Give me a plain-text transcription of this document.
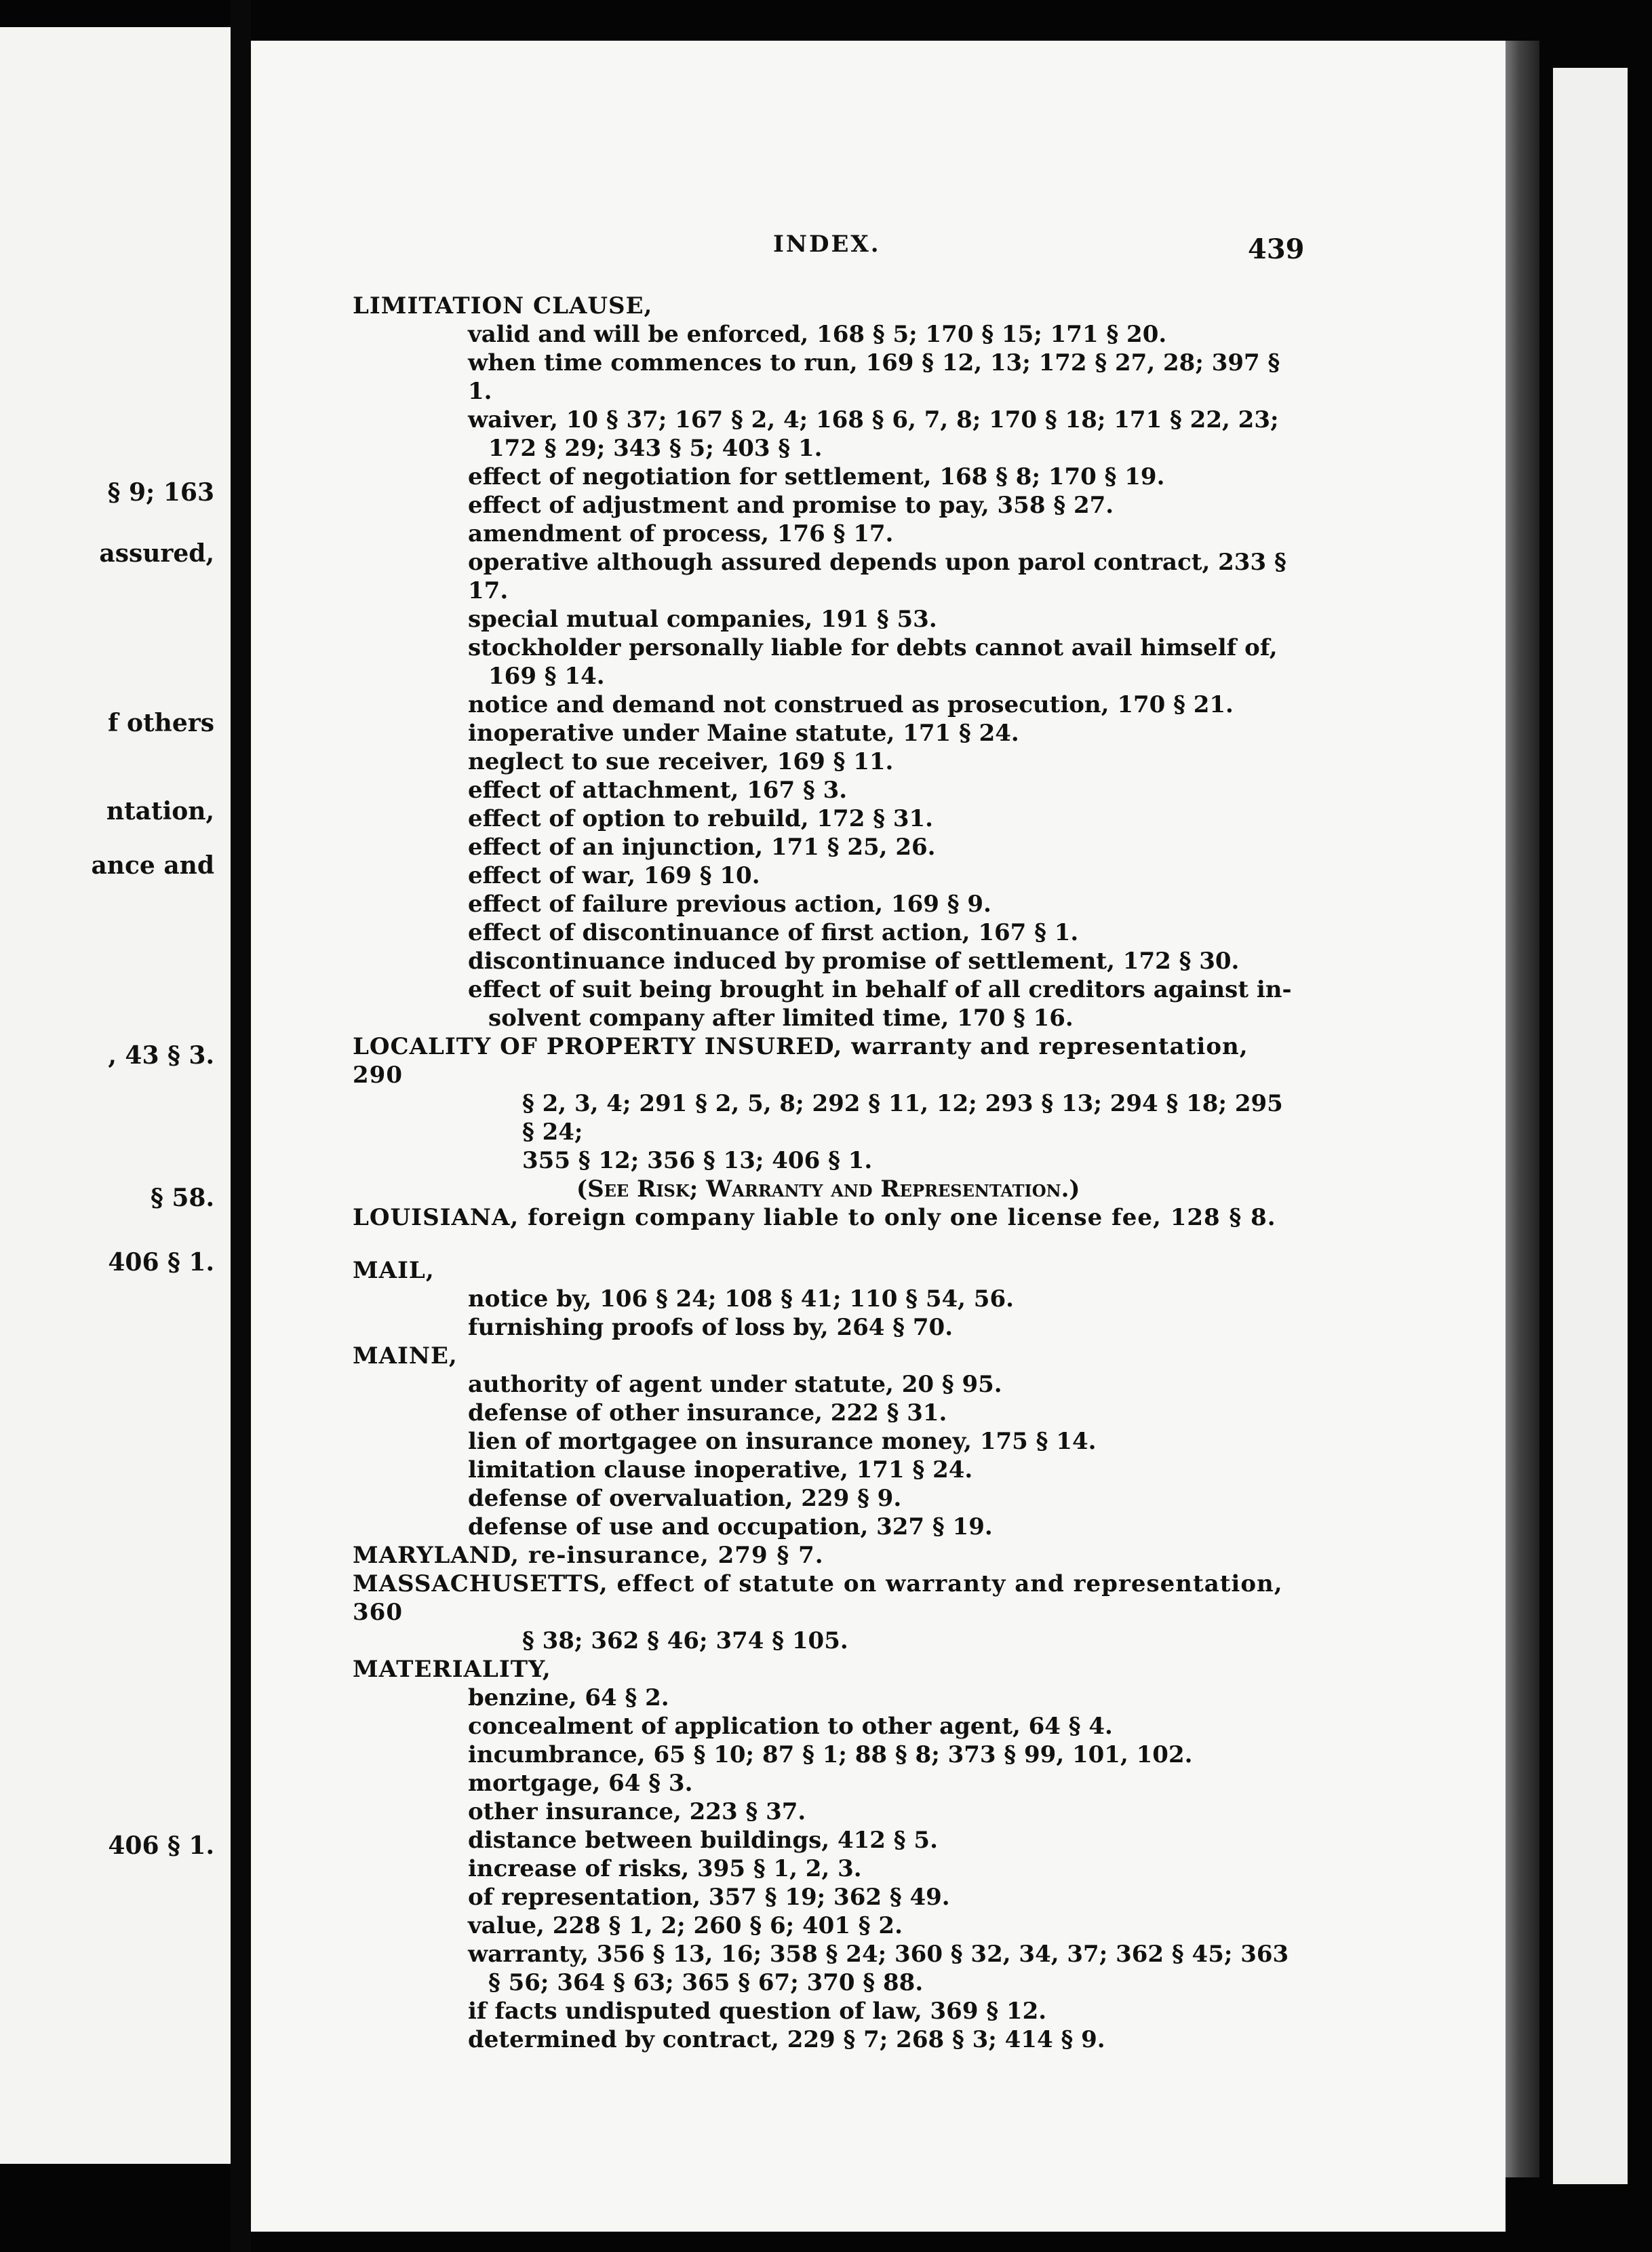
§ 9; 163
assured,
f others
ntation,
ance and
, 43 § 3.
§ 58.
406 § 1.
406 § 1.
INDEX.	439
LIMITATION CLAUSE,
valid and will be enforced, 168 § 5; 170 § 15; 171 § 20.
when time commences to run, 169 § 12, 13; 172 § 27, 28; 397 § 1.
waiver, 10 § 37; 167 § 2, 4; 168 § 6, 7, 8; 170 § 18; 171 § 22, 23;
172 § 29; 343 § 5; 403 § 1.
effect of negotiation for settlement, 168 § 8; 170 § 19.
effect of adjustment and promise to pay, 358 § 27.
amendment of process, 176 § 17.
operative although assured depends upon parol contract, 233 § 17.
special mutual companies, 191 § 53.
stockholder personally liable for debts cannot avail himself of,
169 § 14.
notice and demand not construed as prosecution, 170 § 21.
inoperative under Maine statute, 171 § 24.
neglect to sue receiver, 169 § 11.
effect of attachment, 167 § 3.
effect of option to rebuild, 172 § 31.
effect of an injunction, 171 § 25, 26.
effect of war, 169 § 10.
effect of failure previous action, 169 § 9.
effect of discontinuance of first action, 167 § 1.
discontinuance induced by promise of settlement, 172 § 30.
effect of suit being brought in behalf of all creditors against in-
solvent company after limited time, 170 § 16.
LOCALITY OF PROPERTY INSURED, warranty and representation, 290
§ 2, 3, 4; 291 § 2, 5, 8; 292 § 11, 12; 293 § 13; 294 § 18; 295 § 24;
355 § 12; 356 § 13; 406 § 1.
(See Risk; Warranty and Representation.)
LOUISIANA, foreign company liable to only one license fee, 128 § 8.
MAIL,
notice by, 106 § 24; 108 § 41; 110 § 54, 56.
furnishing proofs of loss by, 264 § 70.
MAINE,
authority of agent under statute, 20 § 95.
defense of other insurance, 222 § 31.
lien of mortgagee on insurance money, 175 § 14.
limitation clause inoperative, 171 § 24.
defense of overvaluation, 229 § 9.
defense of use and occupation, 327 § 19.
MARYLAND, re-insurance, 279 § 7.
MASSACHUSETTS, effect of statute on warranty and representation, 360
§ 38; 362 § 46; 374 § 105.
MATERIALITY,
benzine, 64 § 2.
concealment of application to other agent, 64 § 4.
incumbrance, 65 § 10; 87 § 1; 88 § 8; 373 § 99, 101, 102.
mortgage, 64 § 3.
other insurance, 223 § 37.
distance between buildings, 412 § 5.
increase of risks, 395 § 1, 2, 3.
of representation, 357 § 19; 362 § 49.
value, 228 § 1, 2; 260 § 6; 401 § 2.
warranty, 356 § 13, 16; 358 § 24; 360 § 32, 34, 37; 362 § 45; 363
§ 56; 364 § 63; 365 § 67; 370 § 88.
if facts undisputed question of law, 369 § 12.
determined by contract, 229 § 7; 268 § 3; 414 § 9.
